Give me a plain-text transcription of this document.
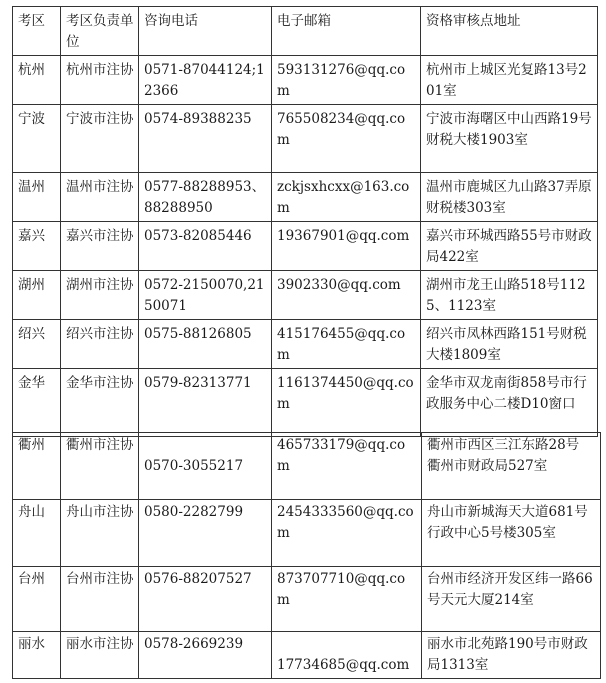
考区	考区负责单位	咨询电话	电子邮箱	资格审核点地址
杭州	杭州市注协	0571-87044124;12366	593131276@qq.com	杭州市上城区光复路13号201室
宁波	宁波市注协	0574-89388235	765508234@qq.com	宁波市海曙区中山西路19号财税大楼1903室
温州	温州市注协	0577-88288953、88288950	zckjsxhcxx@163.com	温州市鹿城区九山路37弄原财税楼303室
嘉兴	嘉兴市注协	0573-82085446	19367901@qq.com	嘉兴市环城西路55号市财政局422室
湖州	湖州市注协	0572-2150070,2150071	3902330@qq.com	湖州市龙王山路518号1125、1123室
绍兴	绍兴市注协	0575-88126805	415176455@qq.com	绍兴市凤林西路151号财税大楼1809室
金华	金华市注协	0579-82313771	1161374450@qq.com	金华市双龙南街858号市行政服务中心二楼D10窗口
衢州	衢州市注协	0570-3055217	465733179@qq.com	衢州市西区三江东路28号
衢州市财政局527室

舟山	舟山市注协	0580-2282799	2454333560@qq.com	舟山市新城海天大道681号行政中心5号楼305室
台州	台州市注协	0576-88207527	873707710@qq.com	台州市经济开发区纬一路66号天元大厦214室
丽水	丽水市注协	0578-2669239	17734685@qq.com	丽水市北苑路190号市财政局1313室
